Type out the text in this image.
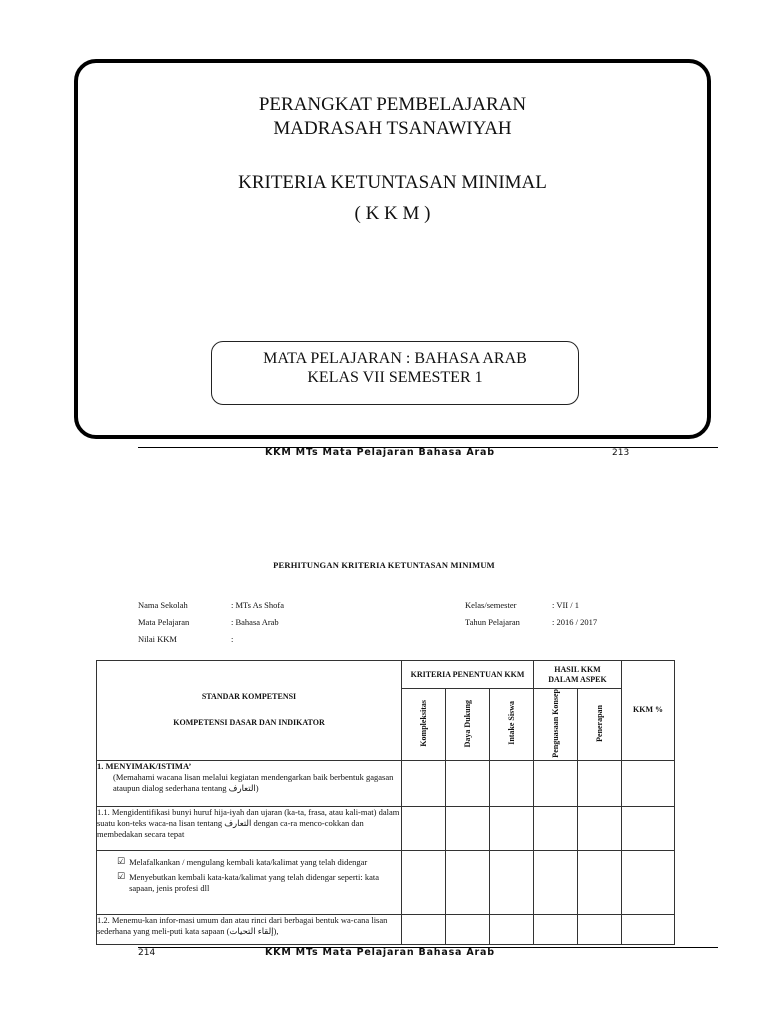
PERANGKAT PEMBELAJARAN
MADRASAH TSANAWIYAH
KRITERIA KETUNTASAN MINIMAL
( K K M )
MATA PELAJARAN : BAHASA ARAB
KELAS VII SEMESTER 1
KKM MTs Mata Pelajaran Bahasa Arab	213
PERHITUNGAN KRITERIA KETUNTASAN MINIMUM
Nama Sekolah	: MTs As Shofa
Mata Pelajaran	: Bahasa Arab
Nilai KKM	:
Kelas/semester	: VII / 1
Tahun Pelajaran	: 2016 / 2017
STANDAR KOMPETENSI
KOMPETENSI DASAR DAN INDIKATOR	KRITERIA PENENTUAN KKM			HASIL KKM DALAM ASPEK		KKM %
	Kompleksitas	Daya Dukung	Intake Siswa	Penguasaan Konsep	Penerapan	

1. MENYIMAK/ISTIMA’
(Memahami wacana lisan melalui kegiatan mendengarkan baik berbentuk gagasan ataupun dialog sederhana tentang التعارف)						

1.1. Mengidentifikasi bunyi huruf hija-iyah dan ujaran (ka-ta, frasa, atau kali-mat) dalam suatu kon-teks waca-na lisan tentang التعارف dengan ca-ra menco-cokkan dan membedakan secara tepat						

☑ Melafalkankan / mengulang kembali kata/kalimat yang telah didengar
☑ Menyebutkan kembali kata-kata/kalimat yang telah didengar seperti: kata sapaan, jenis profesi dll						

1.2. Menemu-kan infor-masi umum dan atau rinci dari berbagai bentuk wa-cana lisan sederhana yang meli-puti kata sapaan (إلقاء التحيات),						
214	KKM MTs Mata Pelajaran Bahasa Arab
